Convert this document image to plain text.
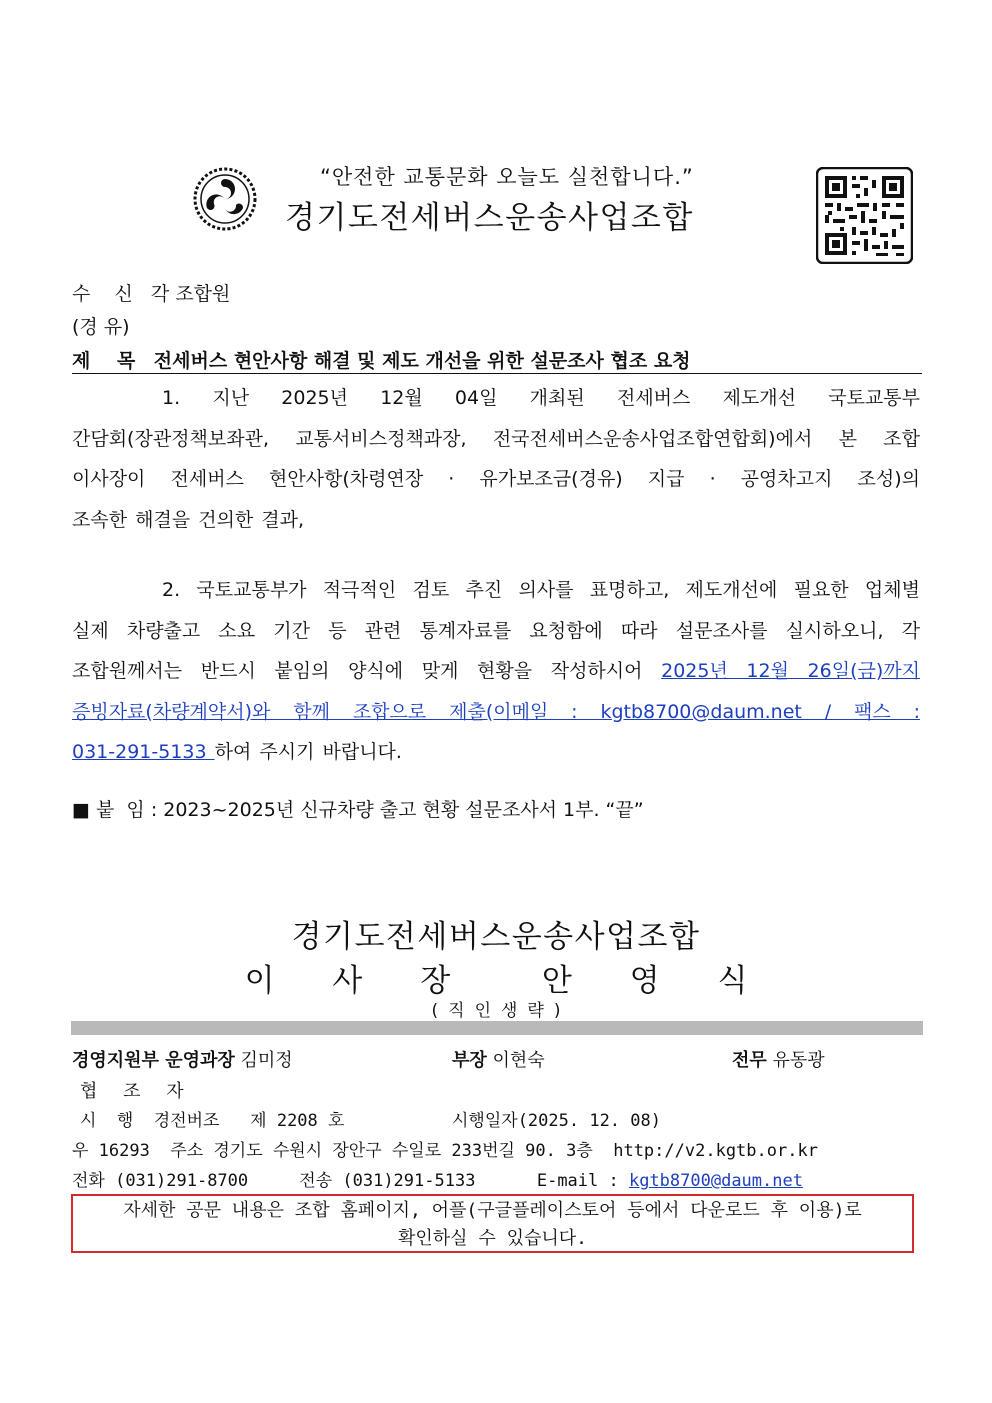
“안전한 교통문화 오늘도 실천합니다.”
경기도전세버스운송사업조합
수    신 각 조합원
(경 유)
제    목 전세버스 현안사항 해결 및 제도 개선을 위한 설문조사 협조 요청
1. 지난 2025년 12월 04일 개최된 전세버스 제도개선 국토교통부
간담회(장관정책보좌관, 교통서비스정책과장, 전국전세버스운송사업조합연합회)에서 본 조합
이사장이 전세버스 현안사항(차령연장 · 유가보조금(경유) 지급 · 공영차고지 조성)의

조속한 해결을 건의한 결과,
2. 국토교통부가 적극적인 검토 추진 의사를 표명하고, 제도개선에 필요한 업체별
실제 차량출고 소요 기간 등 관련 통계자료를 요청함에 따라 설문조사를 실시하오니, 각
조합원께서는 반드시 붙임의 양식에 맞게 현황을 작성하시어 2025년 12월 26일(금)까지
증빙자료(차량계약서)와 함께 조합으로 제출(이메일 : kgtb8700@daum.net / 팩스 :

031-291-5133 하여 주시기 바랍니다.
■ 붙  임 : 2023~2025년 신규차량 출고 현황 설문조사서 1부. “끝”
경기도전세버스운송사업조합
이 사 장  안 영 식
(직인생략)
경영지원부 운영과장 김미정	부장 이현숙	전무 유동광
협 조 자
시  행  경전버조   제 2208 호	시행일자(2025. 12. 08)
우 16293  주소 경기도 수원시 장안구 수일로 233번길 90. 3층  http://v2.kgtb.or.kr
전화 (031)291-8700     전송 (031)291-5133      E-mail : kgtb8700@daum.net
자세한 공문 내용은 조합 홈페이지, 어플(구글플레이스토어 등에서 다운로드 후 이용)로
확인하실 수 있습니다.
